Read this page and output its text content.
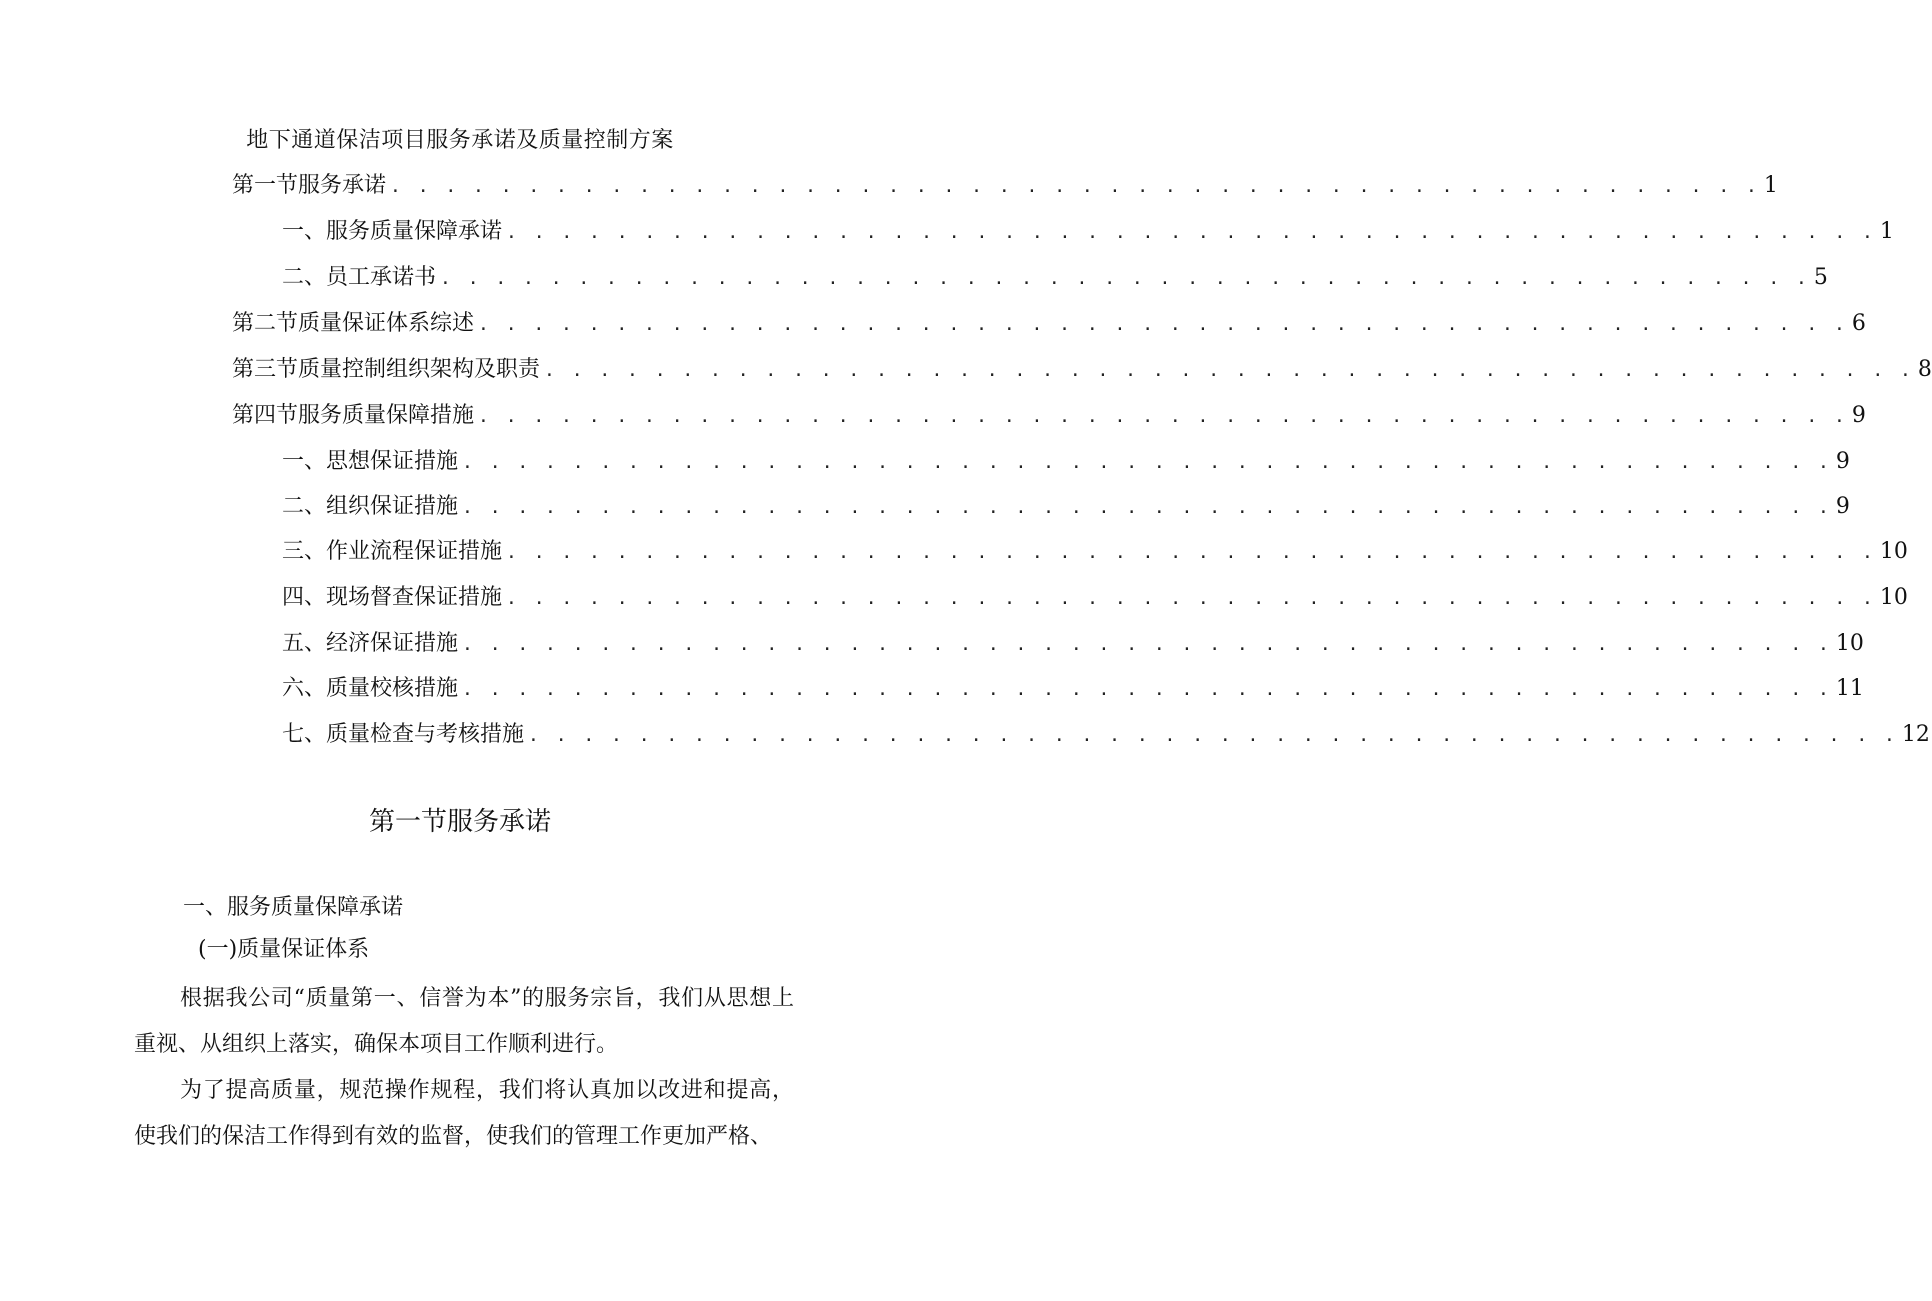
地下通道保洁项目服务承诺及质量控制方案
第一节服务承诺 . . . . . . . . . . . . . . . . . . . . . . . . . . . . . . . . . . . . . . . . . . . . . . . . . . 1
一、服务质量保障承诺 . . . . . . . . . . . . . . . . . . . . . . . . . . . . . . . . . . . . . . . . . . . . . . . . . . 1
二、员工承诺书 . . . . . . . . . . . . . . . . . . . . . . . . . . . . . . . . . . . . . . . . . . . . . . . . . . 5
第二节质量保证体系综述 . . . . . . . . . . . . . . . . . . . . . . . . . . . . . . . . . . . . . . . . . . . . . . . . . . 6
第三节质量控制组织架构及职责 . . . . . . . . . . . . . . . . . . . . . . . . . . . . . . . . . . . . . . . . . . . . . . . . . . 8
第四节服务质量保障措施 . . . . . . . . . . . . . . . . . . . . . . . . . . . . . . . . . . . . . . . . . . . . . . . . . . 9
一、思想保证措施 . . . . . . . . . . . . . . . . . . . . . . . . . . . . . . . . . . . . . . . . . . . . . . . . . . 9
二、组织保证措施 . . . . . . . . . . . . . . . . . . . . . . . . . . . . . . . . . . . . . . . . . . . . . . . . . . 9
三、作业流程保证措施 . . . . . . . . . . . . . . . . . . . . . . . . . . . . . . . . . . . . . . . . . . . . . . . . . . 10
四、现场督查保证措施 . . . . . . . . . . . . . . . . . . . . . . . . . . . . . . . . . . . . . . . . . . . . . . . . . . 10
五、经济保证措施 . . . . . . . . . . . . . . . . . . . . . . . . . . . . . . . . . . . . . . . . . . . . . . . . . . 10
六、质量校核措施 . . . . . . . . . . . . . . . . . . . . . . . . . . . . . . . . . . . . . . . . . . . . . . . . . . 11
七、质量检查与考核措施 . . . . . . . . . . . . . . . . . . . . . . . . . . . . . . . . . . . . . . . . . . . . . . . . . . 12
第一节服务承诺
一、服务质量保障承诺
(一)质量保证体系

根据我公司“质量第一、信誉为本”的服务宗旨，我们从思想上重视、从组织上落实，确保本项目工作顺利进行。

为了提高质量，规范操作规程，我们将认真加以改进和提高，使我们的保洁工作得到有效的监督，使我们的管理工作更加严格、
